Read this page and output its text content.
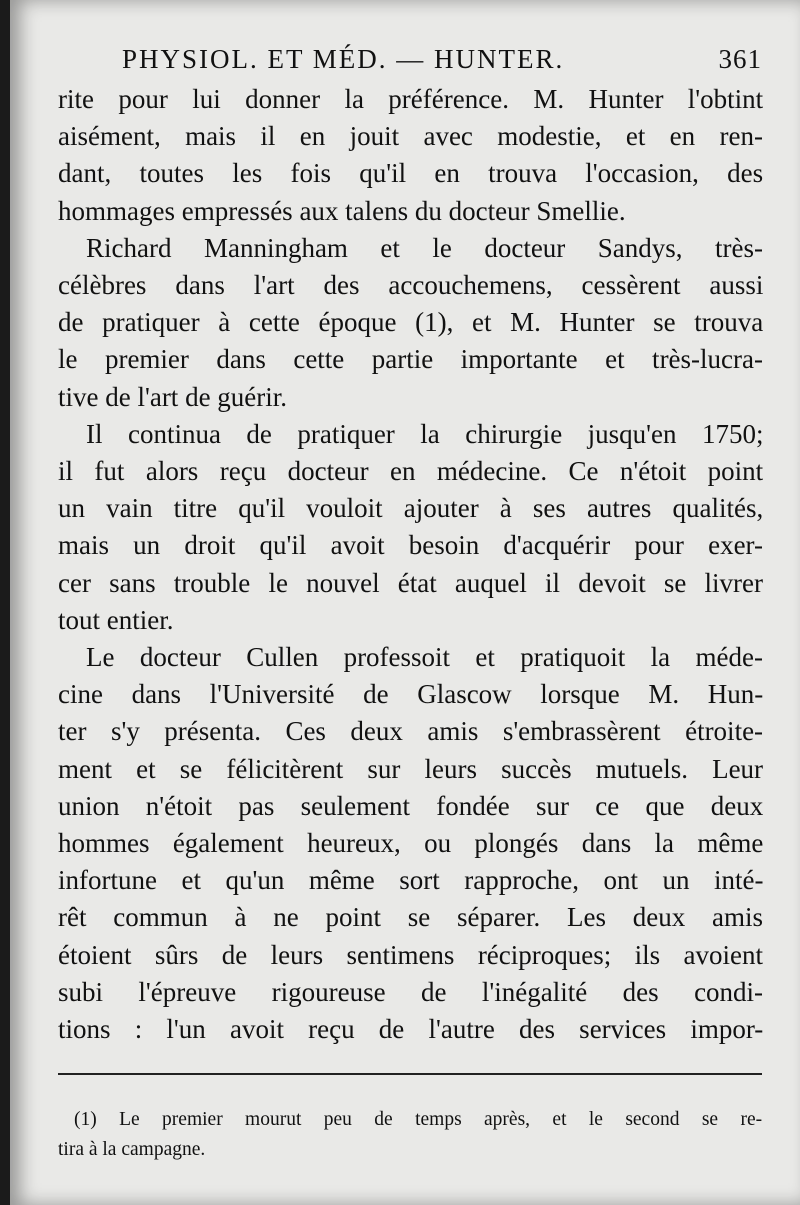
PHYSIOL. ET MÉD. — HUNTER.	361
rite pour lui donner la préférence. M. Hunter l'obtint
aisément, mais il en jouit avec modestie, et en ren-
dant, toutes les fois qu'il en trouva l'occasion, des
hommages empressés aux talens du docteur Smellie.
Richard Manningham et le docteur Sandys, très-
célèbres dans l'art des accouchemens, cessèrent aussi
de pratiquer à cette époque (1), et M. Hunter se trouva
le premier dans cette partie importante et très-lucra-
tive de l'art de guérir.
Il continua de pratiquer la chirurgie jusqu'en 1750;
il fut alors reçu docteur en médecine. Ce n'étoit point
un vain titre qu'il vouloit ajouter à ses autres qualités,
mais un droit qu'il avoit besoin d'acquérir pour exer-
cer sans trouble le nouvel état auquel il devoit se livrer
tout entier.
Le docteur Cullen professoit et pratiquoit la méde-
cine dans l'Université de Glascow lorsque M. Hun-
ter s'y présenta. Ces deux amis s'embrassèrent étroite-
ment et se félicitèrent sur leurs succès mutuels. Leur
union n'étoit pas seulement fondée sur ce que deux
hommes également heureux, ou plongés dans la même
infortune et qu'un même sort rapproche, ont un inté-
rêt commun à ne point se séparer. Les deux amis
étoient sûrs de leurs sentimens réciproques; ils avoient
subi l'épreuve rigoureuse de l'inégalité des condi-
tions : l'un avoit reçu de l'autre des services impor-
(1) Le premier mourut peu de temps après, et le second se re-
tira à la campagne.
